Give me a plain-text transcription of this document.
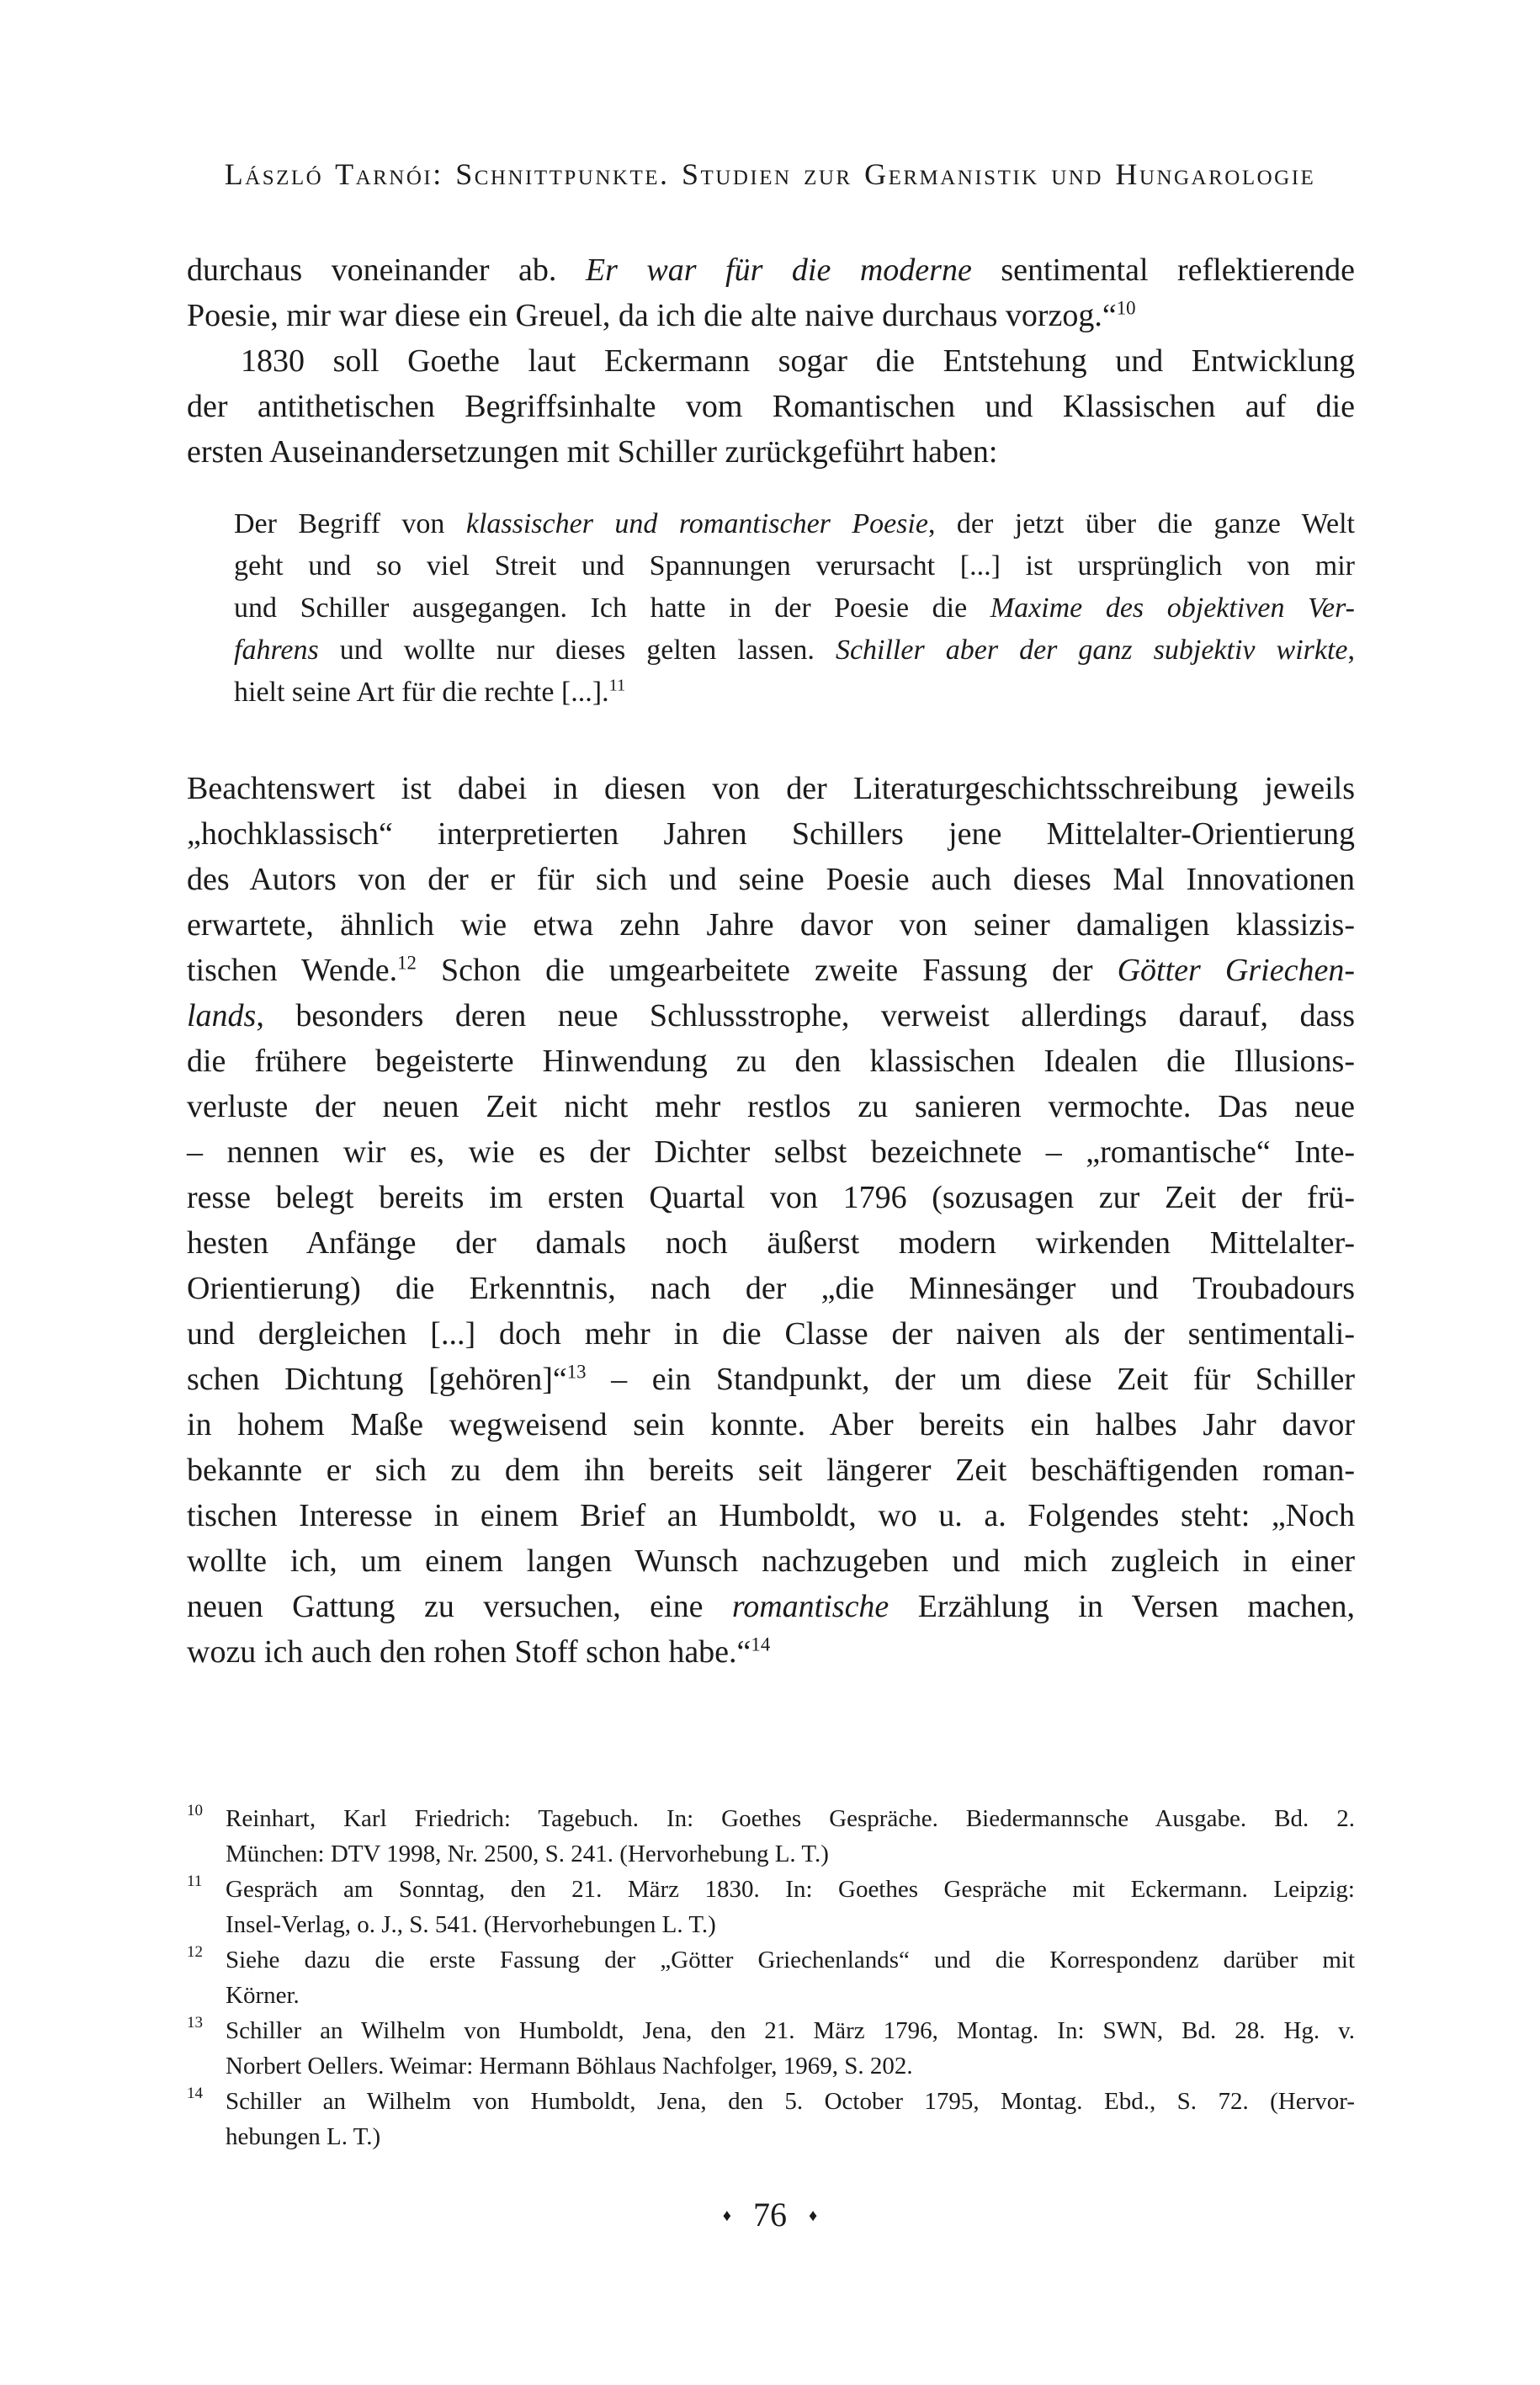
László Tarnói: Schnittpunkte. Studien zur Germanistik und Hungarologie
durchaus voneinander ab. Er war für die moderne sentimental reflektierende
Poesie, mir war diese ein Greuel, da ich die alte naive durchaus vorzog.“$^{10}$
1830 soll Goethe laut Eckermann sogar die Entstehung und Entwicklung
der antithetischen Begriffsinhalte vom Romantischen und Klassischen auf die
ersten Auseinandersetzungen mit Schiller zurückgeführt haben:
Der Begriff von klassischer und romantischer Poesie, der jetzt über die ganze Welt
geht und so viel Streit und Spannungen verursacht [...] ist ursprünglich von mir
und Schiller ausgegangen. Ich hatte in der Poesie die Maxime des objektiven Ver-
fahrens und wollte nur dieses gelten lassen. Schiller aber der ganz subjektiv wirkte,
hielt seine Art für die rechte [...].$^{11}$
Beachtenswert ist dabei in diesen von der Literaturgeschichtsschreibung jeweils
„hochklassisch“ interpretierten Jahren Schillers jene Mittelalter-Orientierung
des Autors von der er für sich und seine Poesie auch dieses Mal Innovationen
erwartete, ähnlich wie etwa zehn Jahre davor von seiner damaligen klassizis-
tischen Wende.$^{12}$ Schon die umgearbeitete zweite Fassung der Götter Griechen-
lands, besonders deren neue Schlussstrophe, verweist allerdings darauf, dass
die frühere begeisterte Hinwendung zu den klassischen Idealen die Illusions-
verluste der neuen Zeit nicht mehr restlos zu sanieren vermochte. Das neue
– nennen wir es, wie es der Dichter selbst bezeichnete – „romantische“ Inte-
resse belegt bereits im ersten Quartal von 1796 (sozusagen zur Zeit der frü-
hesten Anfänge der damals noch äußerst modern wirkenden Mittelalter-
Orientierung) die Erkenntnis, nach der „die Minnesänger und Troubadours
und dergleichen [...] doch mehr in die Classe der naiven als der sentimentali-
schen Dichtung [gehören]“$^{13}$ – ein Standpunkt, der um diese Zeit für Schiller
in hohem Maße wegweisend sein konnte. Aber bereits ein halbes Jahr davor
bekannte er sich zu dem ihn bereits seit längerer Zeit beschäftigenden roman-
tischen Interesse in einem Brief an Humboldt, wo u. a. Folgendes steht: „Noch
wollte ich, um einem langen Wunsch nachzugeben und mich zugleich in einer
neuen Gattung zu versuchen, eine romantische Erzählung in Versen machen,
wozu ich auch den rohen Stoff schon habe.“$^{14}$
10 Reinhart, Karl Friedrich: Tagebuch. In: Goethes Gespräche. Biedermannsche Ausgabe. Bd. 2.
München: DTV 1998, Nr. 2500, S. 241. (Hervorhebung L. T.)
11 Gespräch am Sonntag, den 21. März 1830. In: Goethes Gespräche mit Eckermann. Leipzig:
Insel-Verlag, o. J., S. 541. (Hervorhebungen L. T.)
12 Siehe dazu die erste Fassung der „Götter Griechenlands“ und die Korrespondenz darüber mit
Körner.
13 Schiller an Wilhelm von Humboldt, Jena, den 21. März 1796, Montag. In: SWN, Bd. 28. Hg. v.
Norbert Oellers. Weimar: Hermann Böhlaus Nachfolger, 1969, S. 202.
14 Schiller an Wilhelm von Humboldt, Jena, den 5. October 1795, Montag. Ebd., S. 72. (Hervor-
hebungen L. T.)
♦ 76 ♦
